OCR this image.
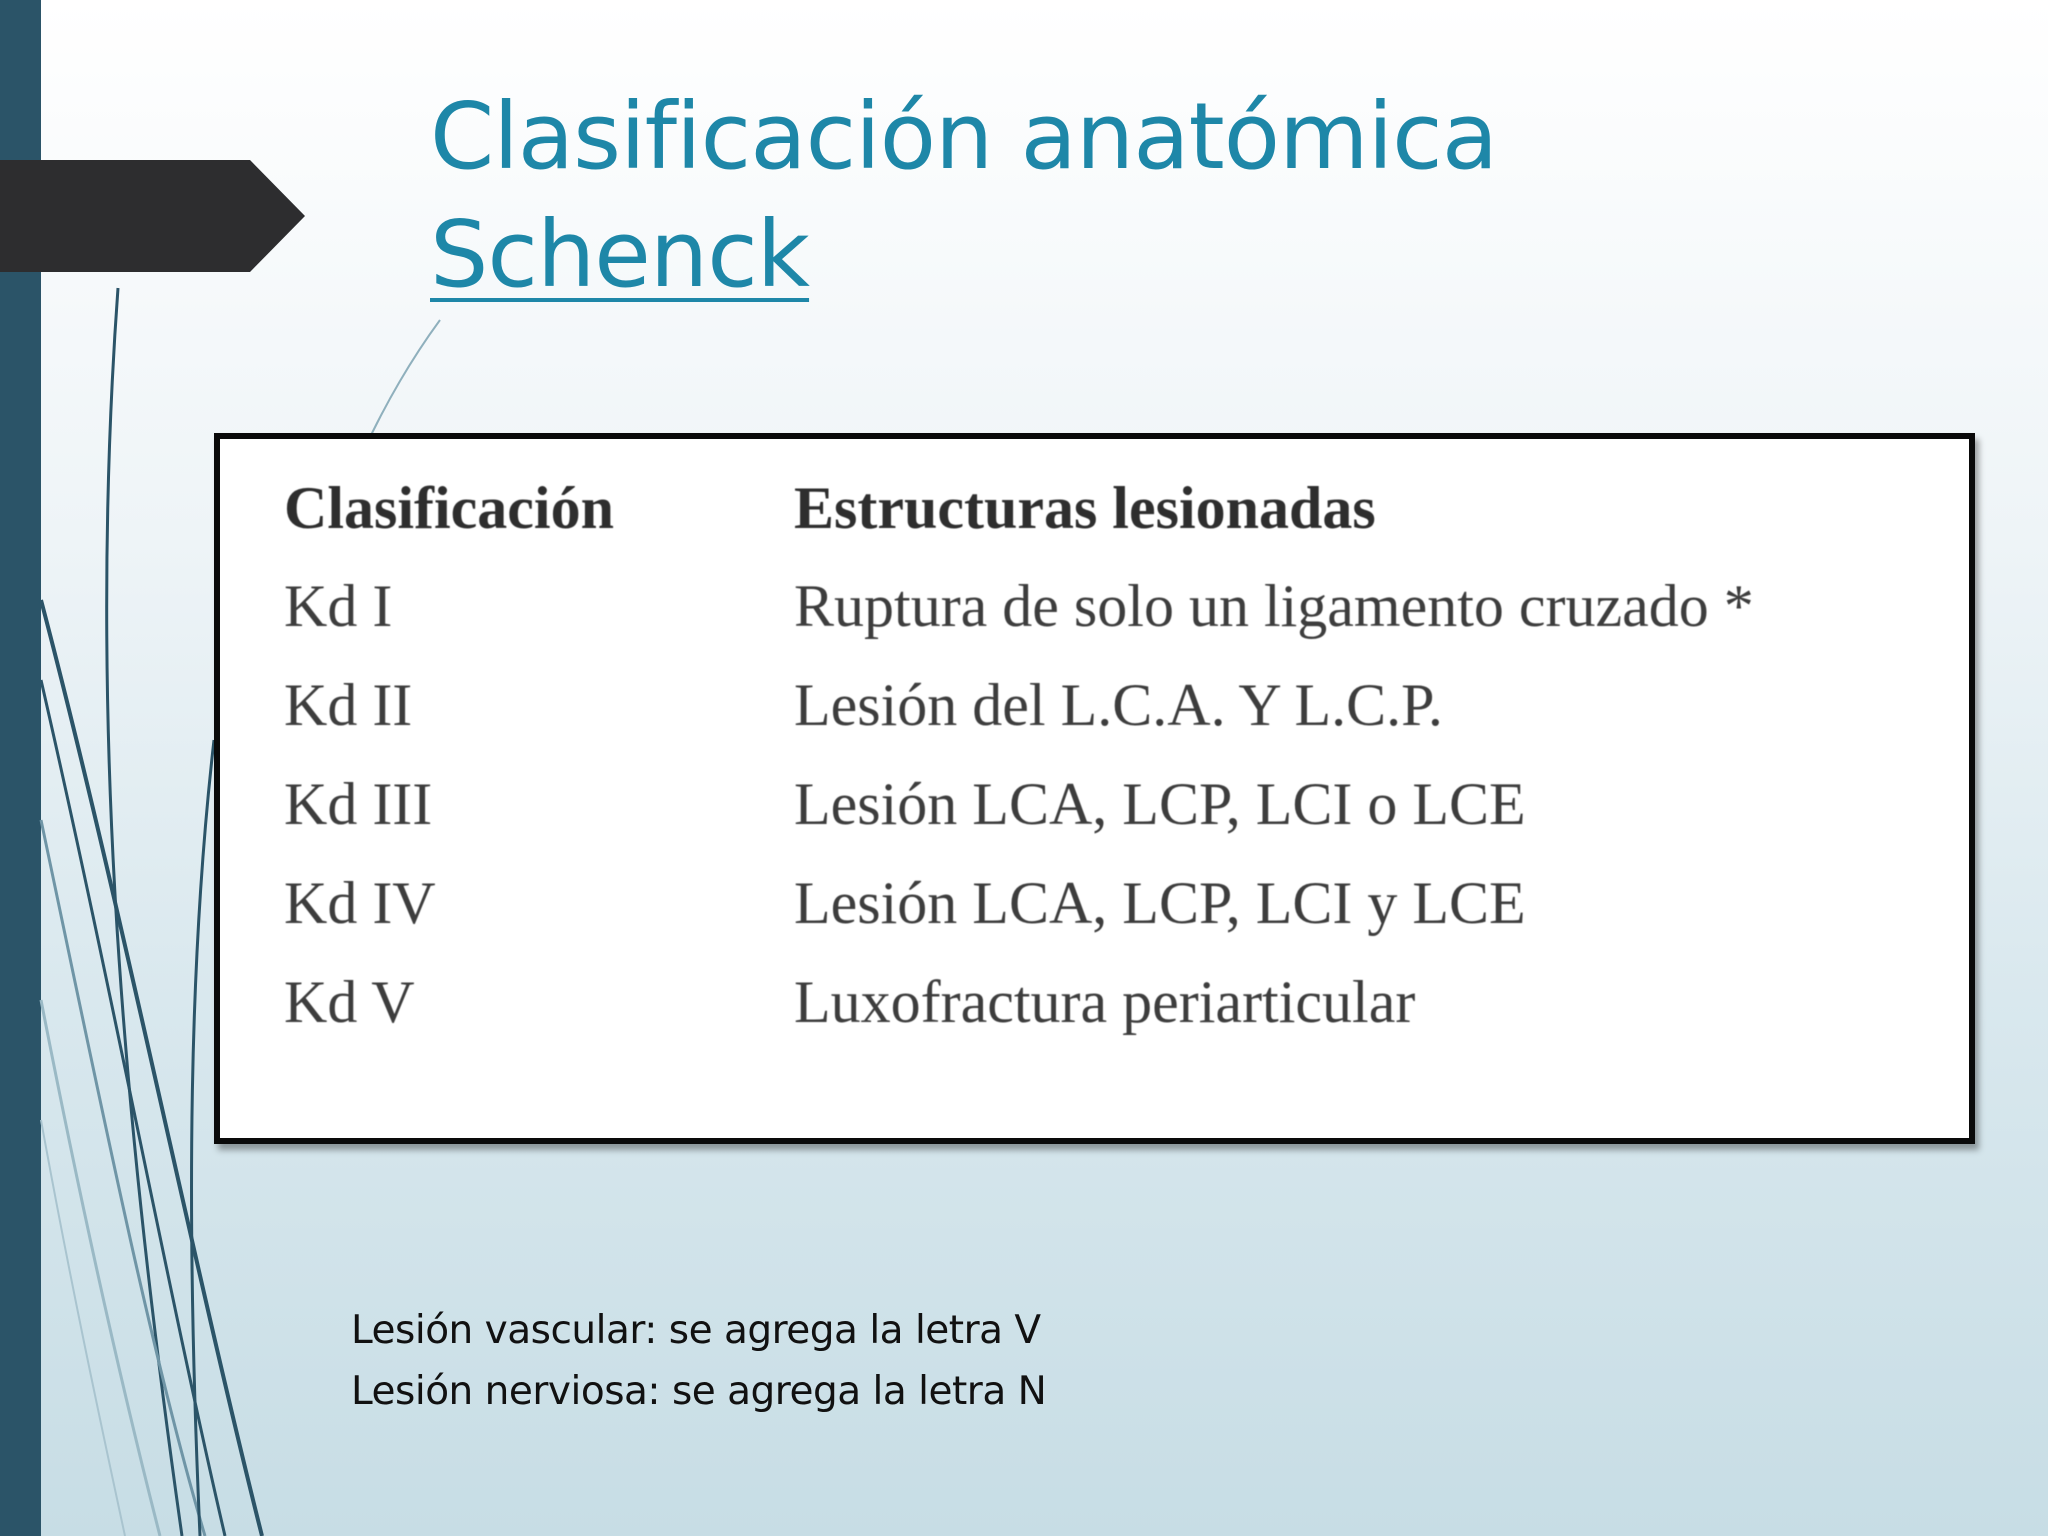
Clasificación anatómica
Schenck
Clasificación	Estructuras lesionadas
Kd I	Ruptura de solo un ligamento cruzado *
Kd II	Lesión del L.C.A. Y L.C.P.
Kd III	Lesión LCA, LCP, LCI o LCE
Kd IV	Lesión LCA, LCP, LCI y LCE
Kd V	Luxofractura periarticular
Lesión vascular: se agrega la letra V
Lesión nerviosa: se agrega la letra N
